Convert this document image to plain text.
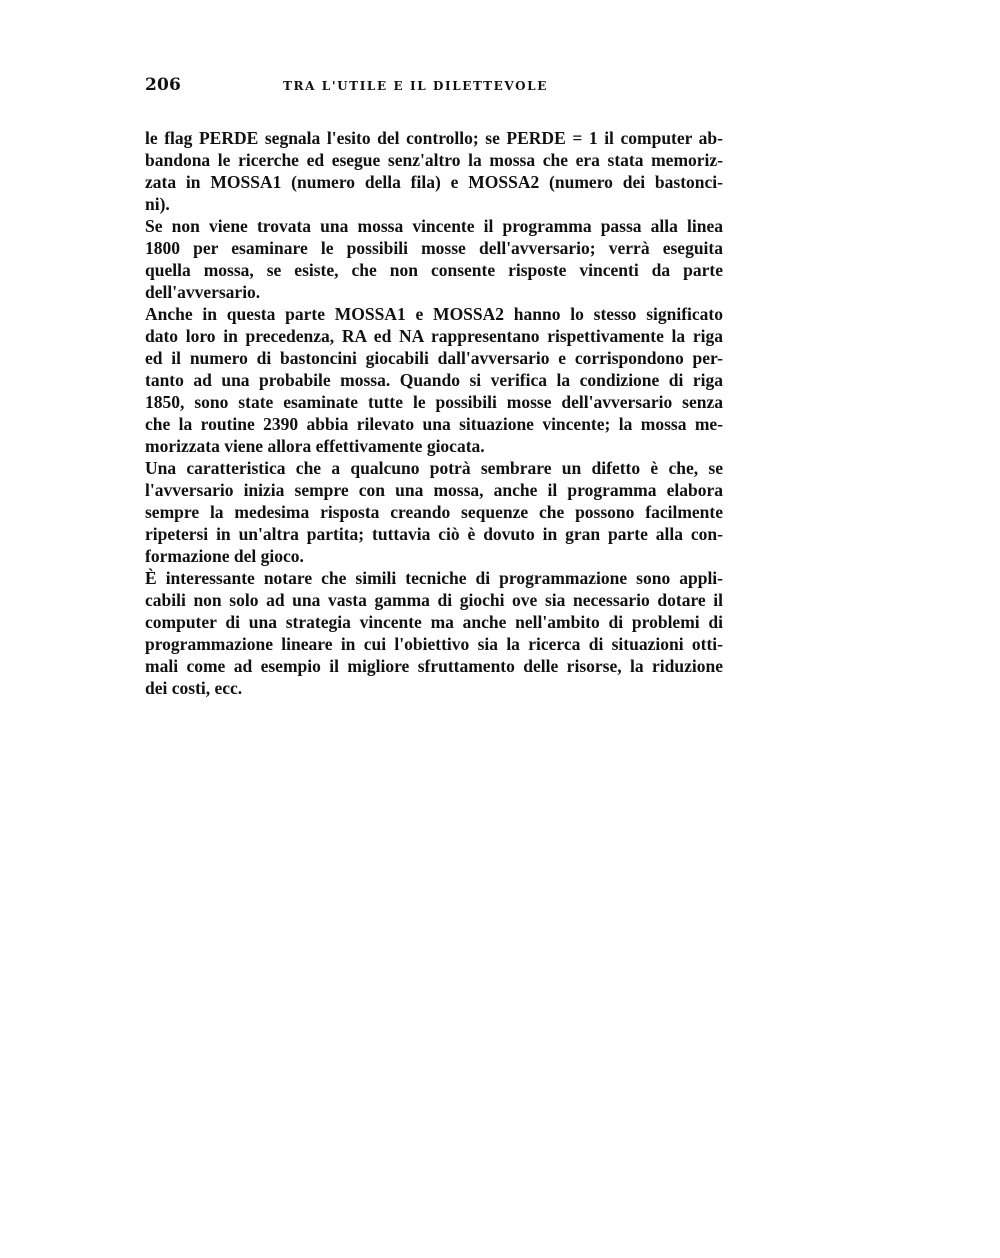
206	TRA L'UTILE E IL DILETTEVOLE
le flag PERDE segnala l'esito del controllo; se PERDE = 1 il computer ab-
bandona le ricerche ed esegue senz'altro la mossa che era stata memoriz-
zata in MOSSA1 (numero della fila) e MOSSA2 (numero dei bastonci-
ni).
Se non viene trovata una mossa vincente il programma passa alla linea
1800 per esaminare le possibili mosse dell'avversario; verrà eseguita
quella mossa, se esiste, che non consente risposte vincenti da parte
dell'avversario.
Anche in questa parte MOSSA1 e MOSSA2 hanno lo stesso significato
dato loro in precedenza, RA ed NA rappresentano rispettivamente la riga
ed il numero di bastoncini giocabili dall'avversario e corrispondono per-
tanto ad una probabile mossa. Quando si verifica la condizione di riga
1850, sono state esaminate tutte le possibili mosse dell'avversario senza
che la routine 2390 abbia rilevato una situazione vincente; la mossa me-
morizzata viene allora effettivamente giocata.
Una caratteristica che a qualcuno potrà sembrare un difetto è che, se
l'avversario inizia sempre con una mossa, anche il programma elabora
sempre la medesima risposta creando sequenze che possono facilmente
ripetersi in un'altra partita; tuttavia ciò è dovuto in gran parte alla con-
formazione del gioco.
È interessante notare che simili tecniche di programmazione sono appli-
cabili non solo ad una vasta gamma di giochi ove sia necessario dotare il
computer di una strategia vincente ma anche nell'ambito di problemi di
programmazione lineare in cui l'obiettivo sia la ricerca di situazioni otti-
mali come ad esempio il migliore sfruttamento delle risorse, la riduzione
dei costi, ecc.
